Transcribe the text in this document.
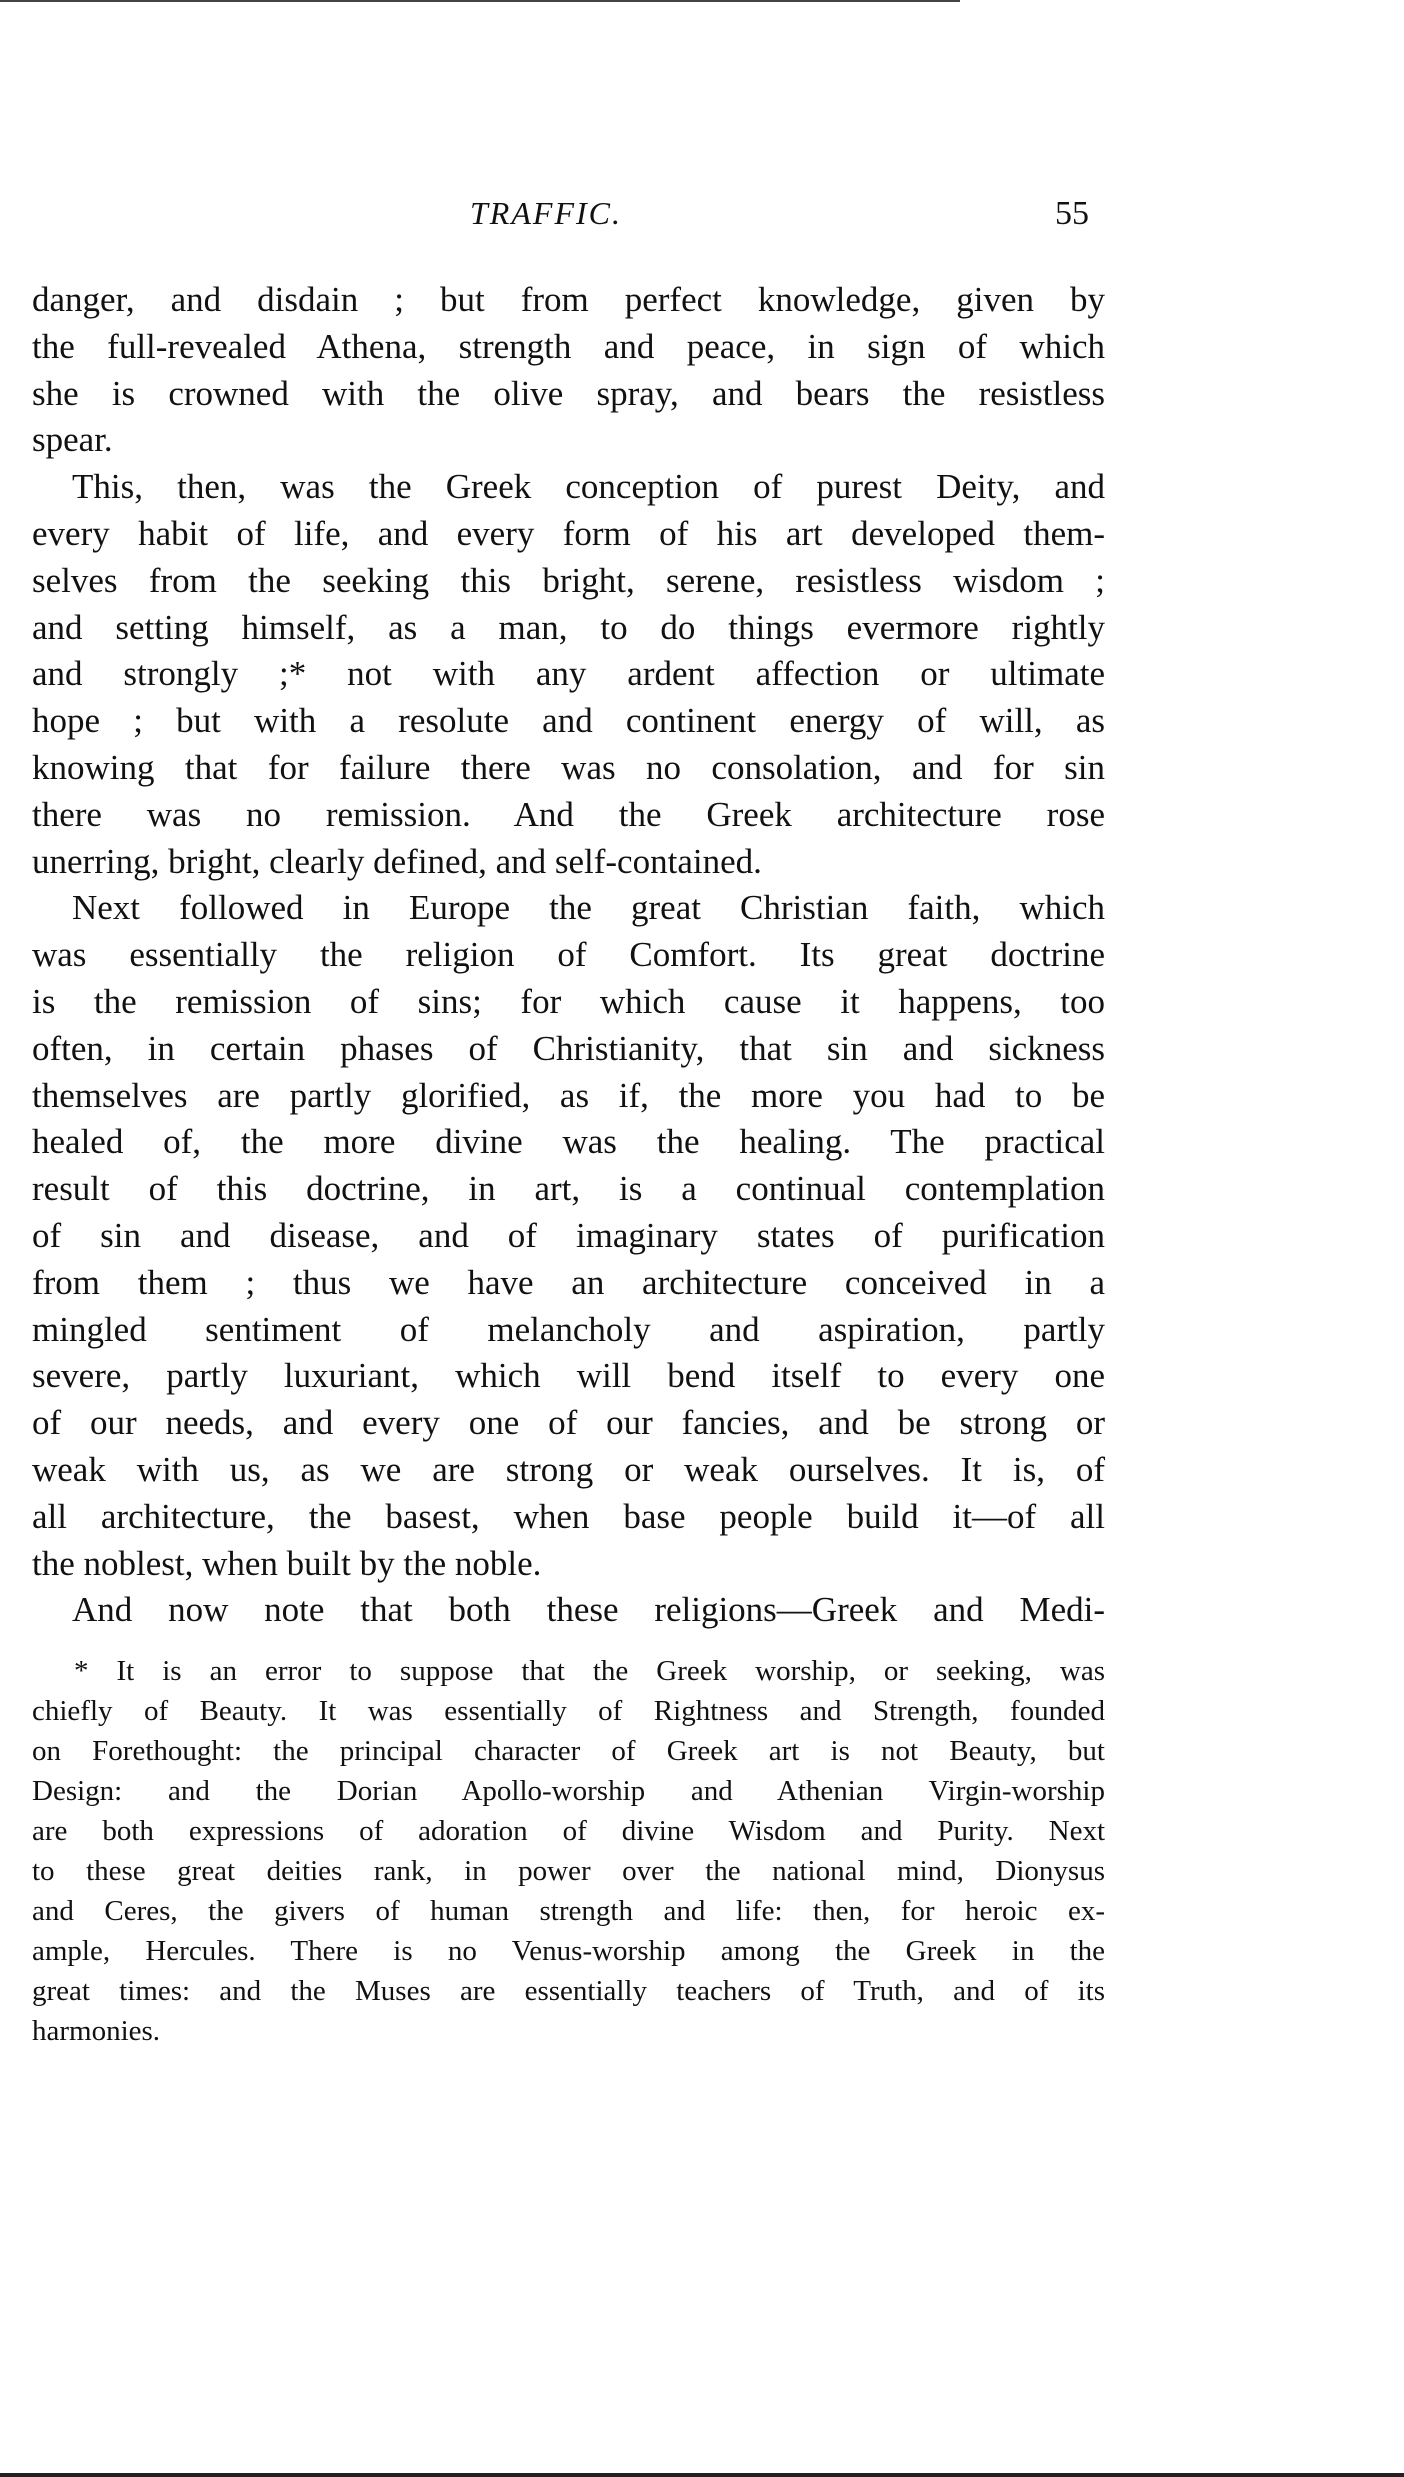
TRAFFIC.	55
danger, and disdain ; but from perfect knowledge, given by
the full-revealed Athena, strength and peace, in sign of which
she is crowned with the olive spray, and bears the resistless
spear.
This, then, was the Greek conception of purest Deity, and
every habit of life, and every form of his art developed them-
selves from the seeking this bright, serene, resistless wisdom ;
and setting himself, as a man, to do things evermore rightly
and strongly ;* not with any ardent affection or ultimate
hope ; but with a resolute and continent energy of will, as
knowing that for failure there was no consolation, and for sin
there was no remission. And the Greek architecture rose
unerring, bright, clearly defined, and self-contained.
Next followed in Europe the great Christian faith, which
was essentially the religion of Comfort. Its great doctrine
is the remission of sins; for which cause it happens, too
often, in certain phases of Christianity, that sin and sickness
themselves are partly glorified, as if, the more you had to be
healed of, the more divine was the healing. The practical
result of this doctrine, in art, is a continual contemplation
of sin and disease, and of imaginary states of purification
from them ; thus we have an architecture conceived in a
mingled sentiment of melancholy and aspiration, partly
severe, partly luxuriant, which will bend itself to every one
of our needs, and every one of our fancies, and be strong or
weak with us, as we are strong or weak ourselves. It is, of
all architecture, the basest, when base people build it—of all
the noblest, when built by the noble.
And now note that both these religions—Greek and Medi-
* It is an error to suppose that the Greek worship, or seeking, was
chiefly of Beauty. It was essentially of Rightness and Strength, founded
on Forethought: the principal character of Greek art is not Beauty, but
Design: and the Dorian Apollo-worship and Athenian Virgin-worship
are both expressions of adoration of divine Wisdom and Purity. Next
to these great deities rank, in power over the national mind, Dionysus
and Ceres, the givers of human strength and life: then, for heroic ex-
ample, Hercules. There is no Venus-worship among the Greek in the
great times: and the Muses are essentially teachers of Truth, and of its
harmonies.
